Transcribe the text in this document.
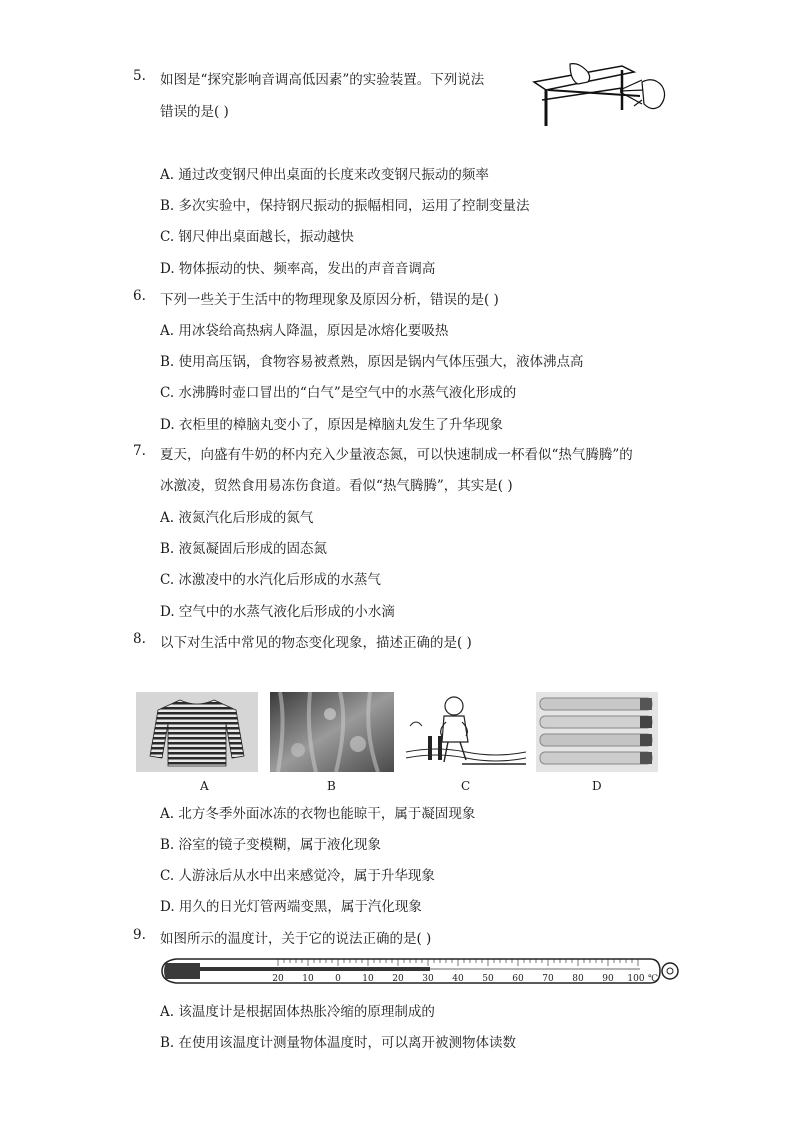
5. 如图是“探究影响音调高低因素”的实验装置。下列说法
错误的是( )
A. 通过改变钢尺伸出桌面的长度来改变钢尺振动的频率
B. 多次实验中，保持钢尺振动的振幅相同，运用了控制变量法
C. 钢尺伸出桌面越长，振动越快
D. 物体振动的快、频率高，发出的声音音调高
6. 下列一些关于生活中的物理现象及原因分析，错误的是( )
A. 用冰袋给高热病人降温，原因是冰熔化要吸热
B. 使用高压锅，食物容易被煮熟，原因是锅内气体压强大，液体沸点高
C. 水沸腾时壶口冒出的“白气”是空气中的水蒸气液化形成的
D. 衣柜里的樟脑丸变小了，原因是樟脑丸发生了升华现象
7. 夏天，向盛有牛奶的杯内充入少量液态氮，可以快速制成一杯看似“热气腾腾”的
冰激凌，贸然食用易冻伤食道。看似“热气腾腾”，其实是( )
A. 液氮汽化后形成的氮气
B. 液氮凝固后形成的固态氮
C. 冰激凌中的水汽化后形成的水蒸气
D. 空气中的水蒸气液化后形成的小水滴
8. 以下对生活中常见的物态变化现象，描述正确的是( )
A	B	C	D
A. 北方冬季外面冰冻的衣物也能晾干，属于凝固现象
B. 浴室的镜子变模糊，属于液化现象
C. 人游泳后从水中出来感觉冷，属于升华现象
D. 用久的日光灯管两端变黑，属于汽化现象
9. 如图所示的温度计，关于它的说法正确的是( )
20 10 0 10 20 30 40 50 60 70 80 90 100 ℃
A. 该温度计是根据固体热胀冷缩的原理制成的
B. 在使用该温度计测量物体温度时，可以离开被测物体读数
